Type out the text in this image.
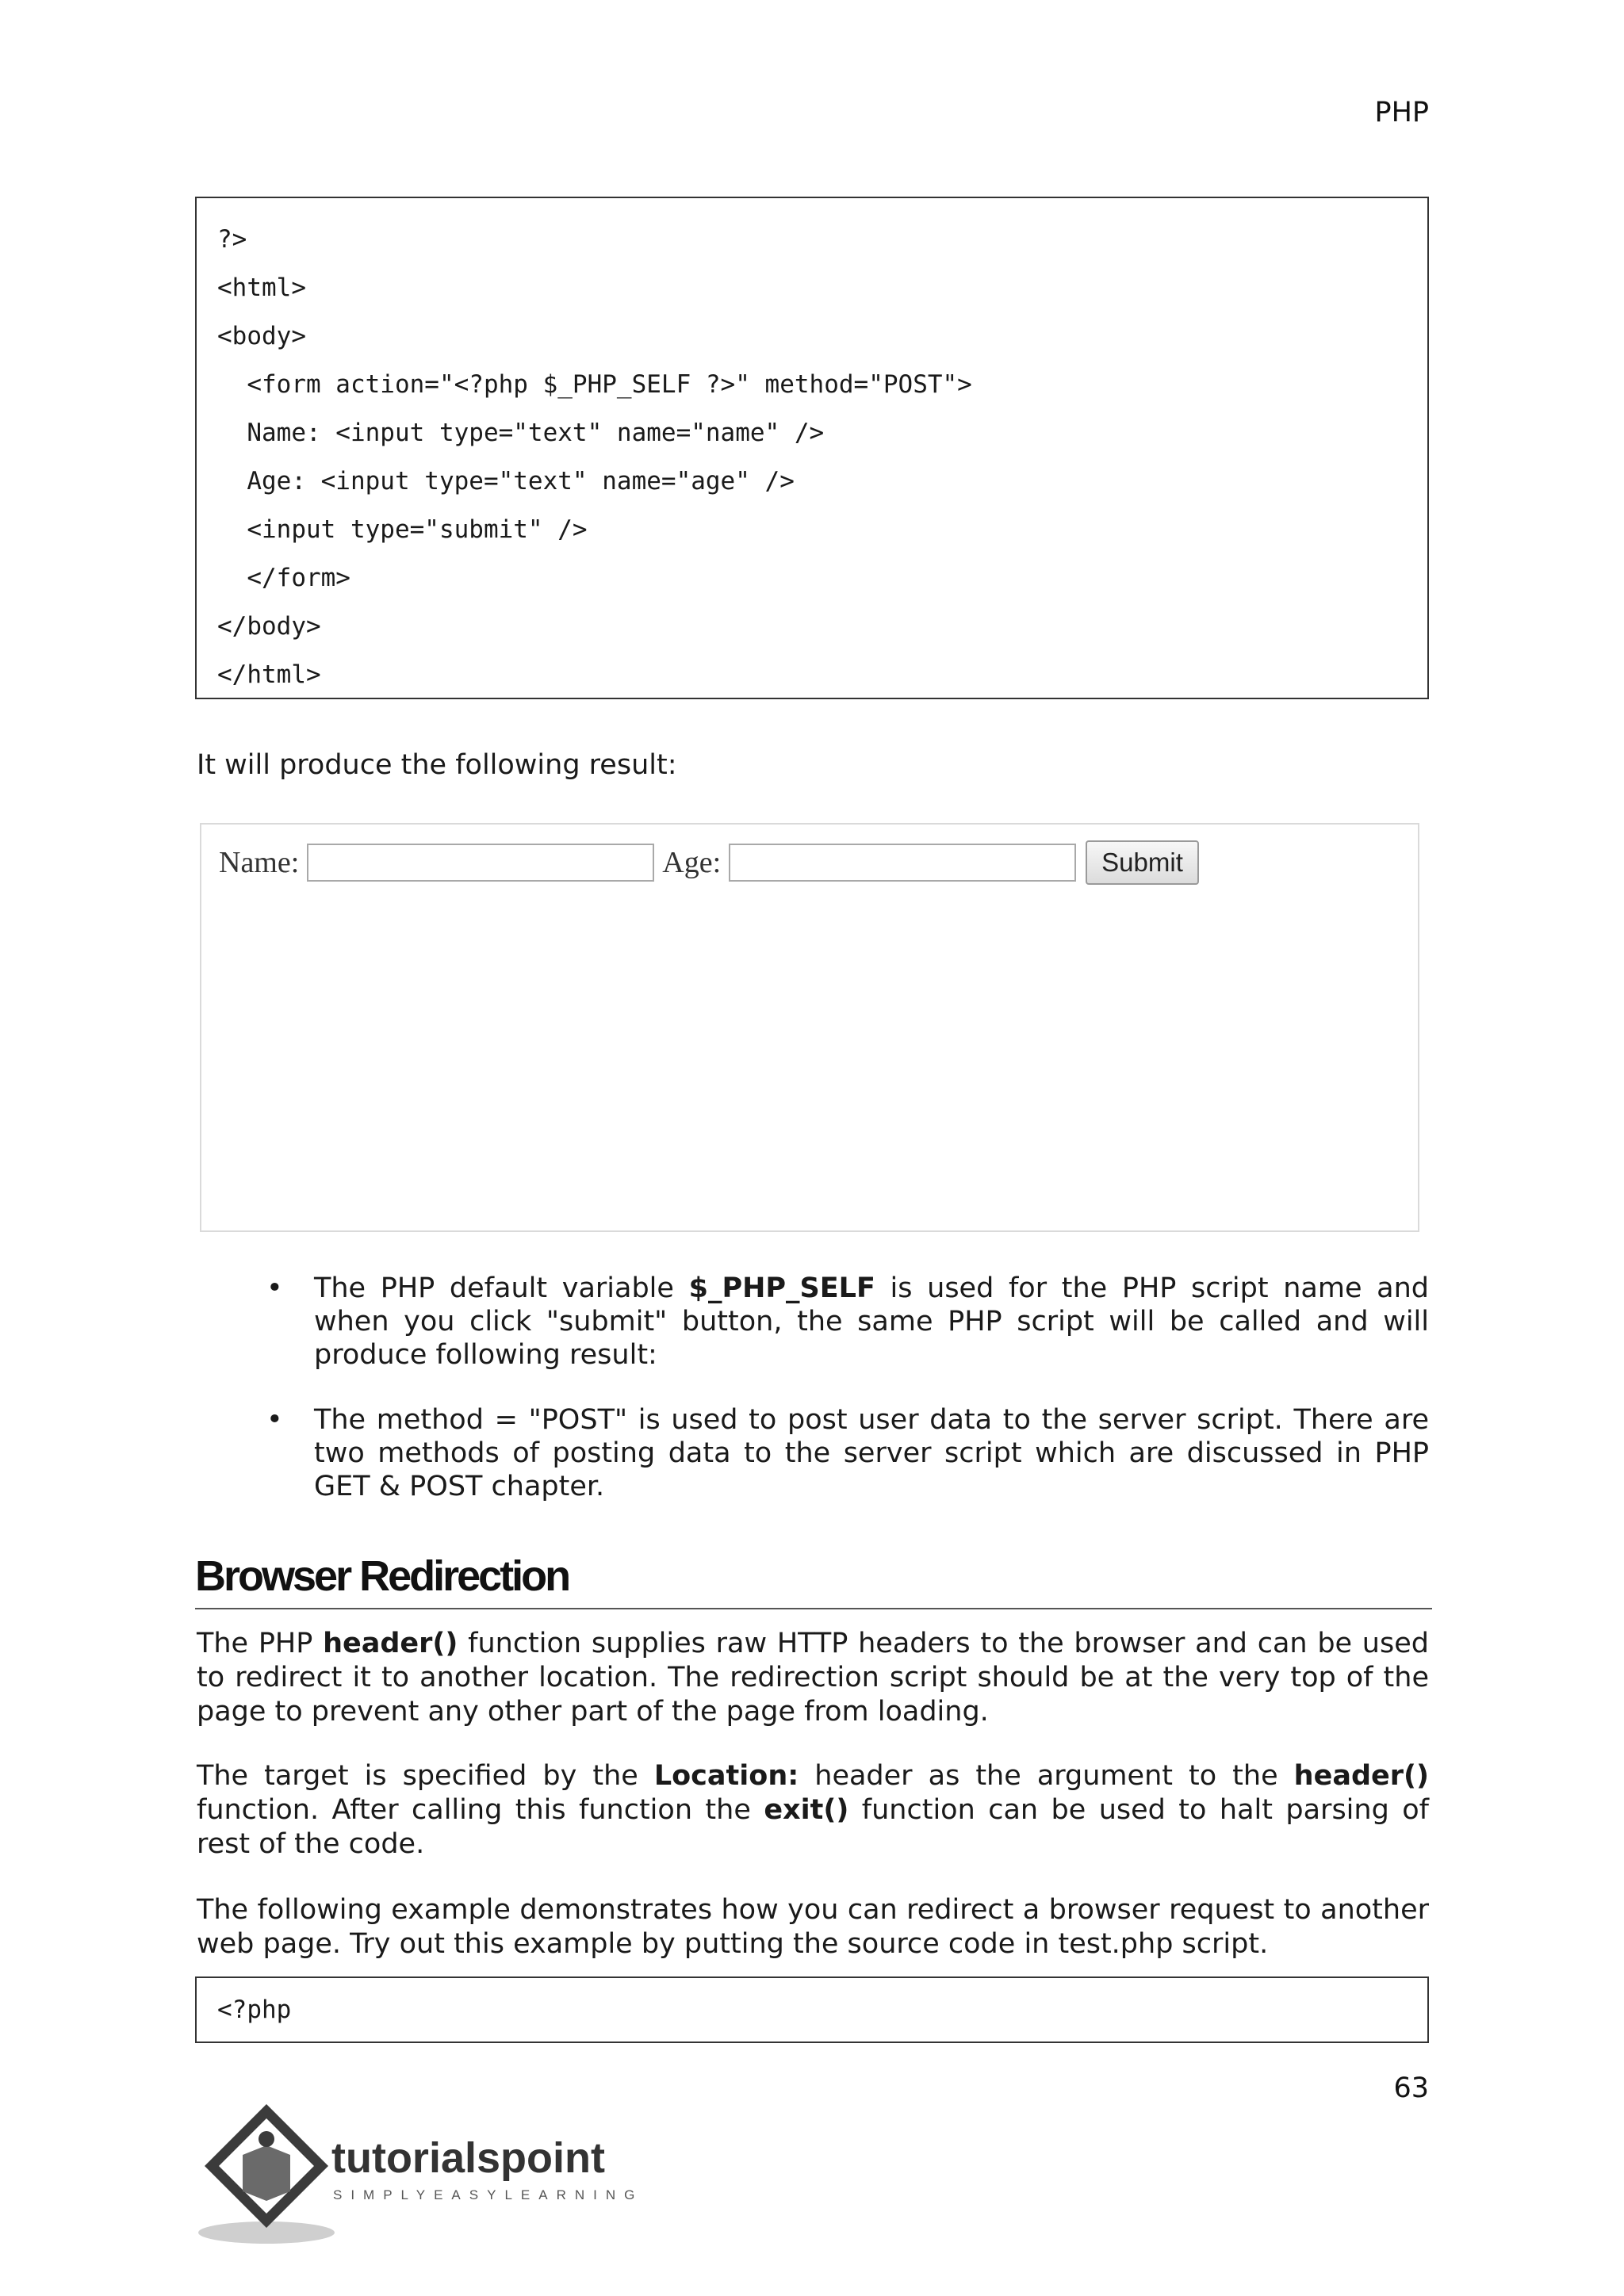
PHP
?>
<html>
<body>
<form action="<?php $_PHP_SELF ?>" method="POST">
Name: <input type="text" name="name" />
Age: <input type="text" name="age" />
<input type="submit" />
</form>
</body>
</html>
It will produce the following result:
Name:	Age:	Submit
• The PHP default variable $_PHP_SELF is used for the PHP script name and when you click "submit" button, the same PHP script will be called and will produce following result:
• The method = "POST" is used to post user data to the server script. There are two methods of posting data to the server script which are discussed in PHP GET & POST chapter.
Browser Redirection
The PHP header() function supplies raw HTTP headers to the browser and can be used to redirect it to another location. The redirection script should be at the very top of the page to prevent any other part of the page from loading.
The target is specified by the Location: header as the argument to the header() function. After calling this function the exit() function can be used to halt parsing of rest of the code.
The following example demonstrates how you can redirect a browser request to another web page. Try out this example by putting the source code in test.php script.
<?php
63
tutorialspoint
SIMPLYEASYLEARNING
